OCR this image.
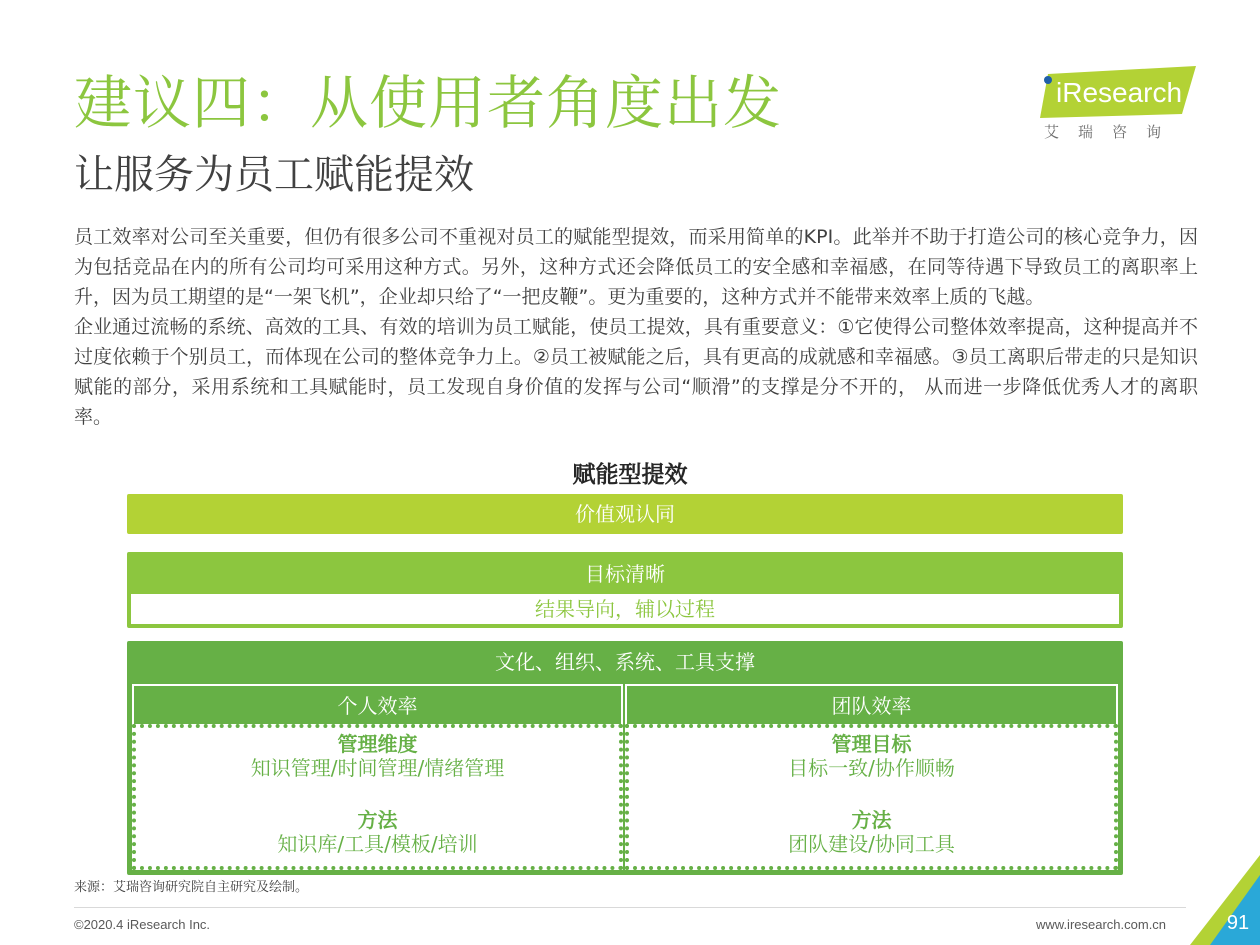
建议四：从使用者角度出发
让服务为员工赋能提效
iResearch
艾瑞咨询

员工效率对公司至关重要，但仍有很多公司不重视对员工的赋能型提效，而采用简单的KPI。此举并不助于打造公司的核心竞争力，因为包括竞品在内的所有公司均可采用这种方式。另外，这种方式还会降低员工的安全感和幸福感，在同等待遇下导致员工的离职率上升，因为员工期望的是“一架飞机”，企业却只给了“一把皮鞭”。更为重要的，这种方式并不能带来效率上质的飞越。

企业通过流畅的系统、高效的工具、有效的培训为员工赋能，使员工提效，具有重要意义：①它使得公司整体效率提高，这种提高并不过度依赖于个别员工，而体现在公司的整体竞争力上。②员工被赋能之后，具有更高的成就感和幸福感。③员工离职后带走的只是知识赋能的部分，采用系统和工具赋能时，员工发现自身价值的发挥与公司“顺滑”的支撑是分不开的， 从而进一步降低优秀人才的离职率。

赋能型提效
价值观认同
目标清晰
结果导向，辅以过程
文化、组织、系统、工具支撑
个人效率
管理维度
知识管理/时间管理/情绪管理
方法
知识库/工具/模板/培训
团队效率
管理目标
目标一致/协作顺畅
方法
团队建设/协同工具
来源：艾瑞咨询研究院自主研究及绘制。
©2020.4 iResearch Inc.	www.iresearch.com.cn	91
